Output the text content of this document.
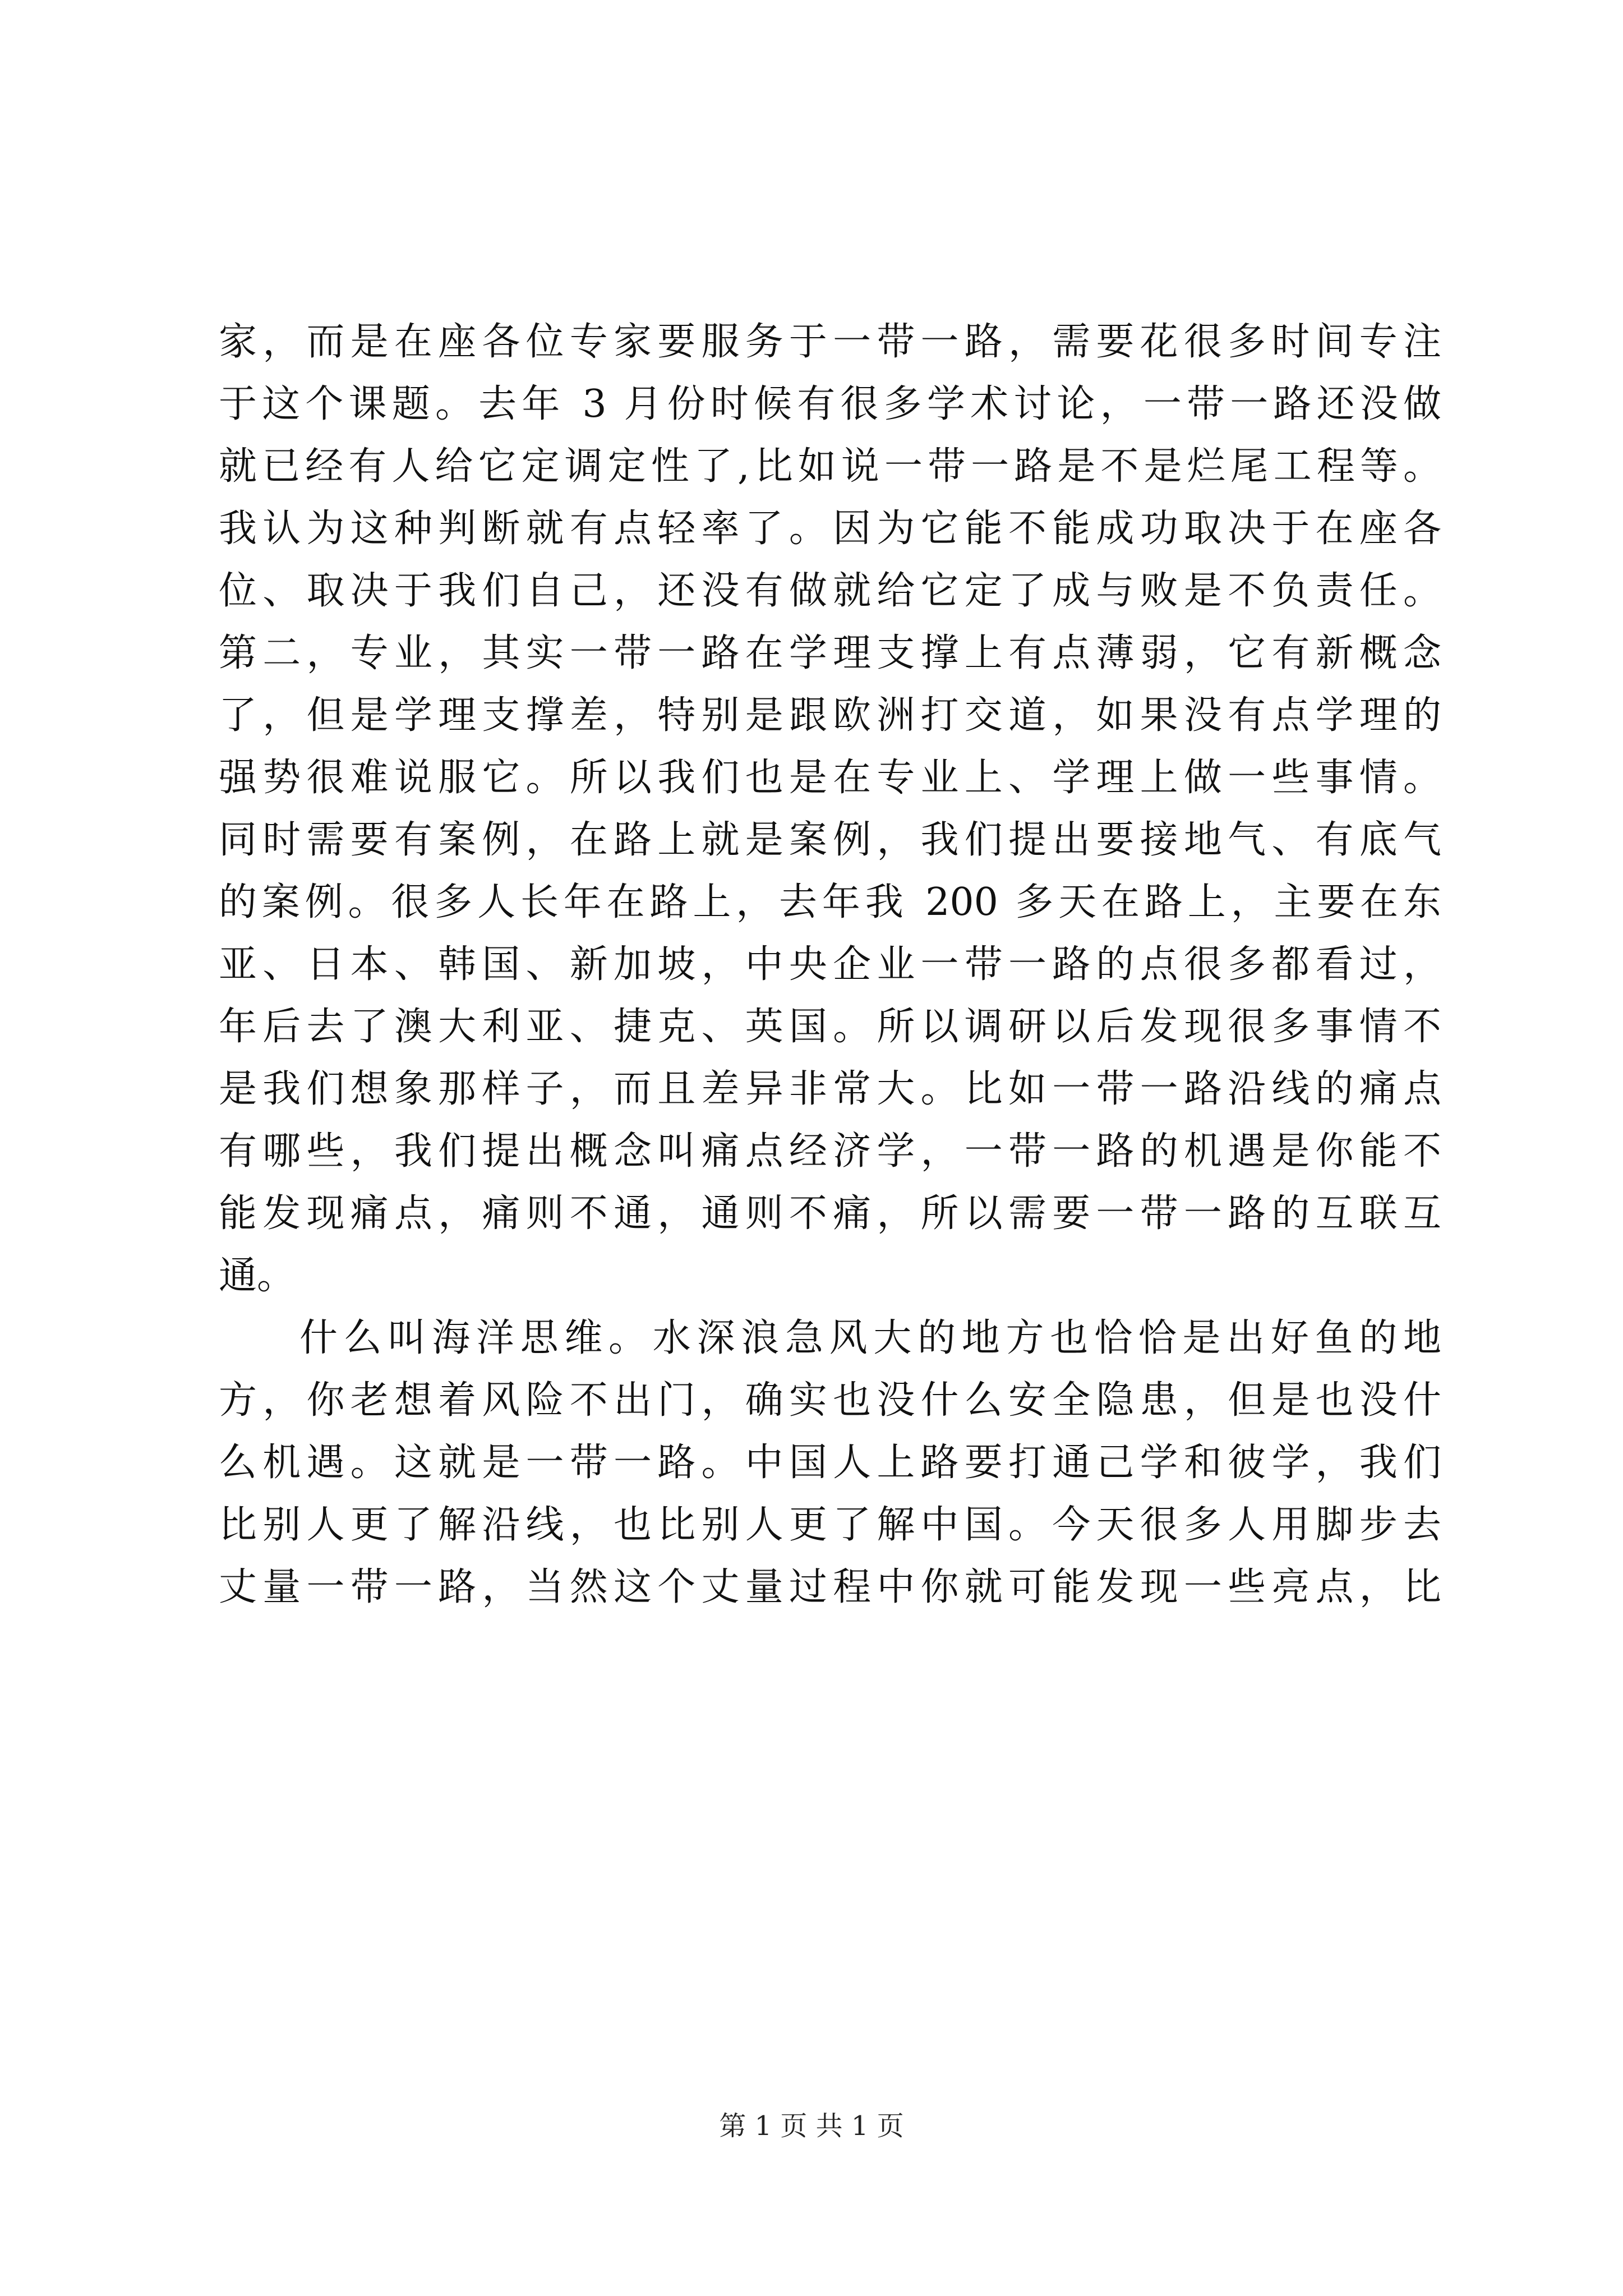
家，而是在座各位专家要服务于一带一路，需要花很多时间专注

于这个课题。去年 3 月份时候有很多学术讨论，一带一路还没做

就已经有人给它定调定性了,比如说一带一路是不是烂尾工程等。

我认为这种判断就有点轻率了。因为它能不能成功取决于在座各

位、取决于我们自己，还没有做就给它定了成与败是不负责任。

第二，专业，其实一带一路在学理支撑上有点薄弱，它有新概念

了，但是学理支撑差，特别是跟欧洲打交道，如果没有点学理的

强势很难说服它。所以我们也是在专业上、学理上做一些事情。

同时需要有案例，在路上就是案例，我们提出要接地气、有底气

的案例。很多人长年在路上，去年我 200 多天在路上，主要在东

亚、日本、韩国、新加坡，中央企业一带一路的点很多都看过，

年后去了澳大利亚、捷克、英国。所以调研以后发现很多事情不

是我们想象那样子，而且差异非常大。比如一带一路沿线的痛点

有哪些，我们提出概念叫痛点经济学，一带一路的机遇是你能不

能发现痛点，痛则不通，通则不痛，所以需要一带一路的互联互

通。

什么叫海洋思维。水深浪急风大的地方也恰恰是出好鱼的地

方，你老想着风险不出门，确实也没什么安全隐患，但是也没什

么机遇。这就是一带一路。中国人上路要打通己学和彼学，我们

比别人更了解沿线，也比别人更了解中国。今天很多人用脚步去

丈量一带一路，当然这个丈量过程中你就可能发现一些亮点，比

第 1 页 共 1 页
